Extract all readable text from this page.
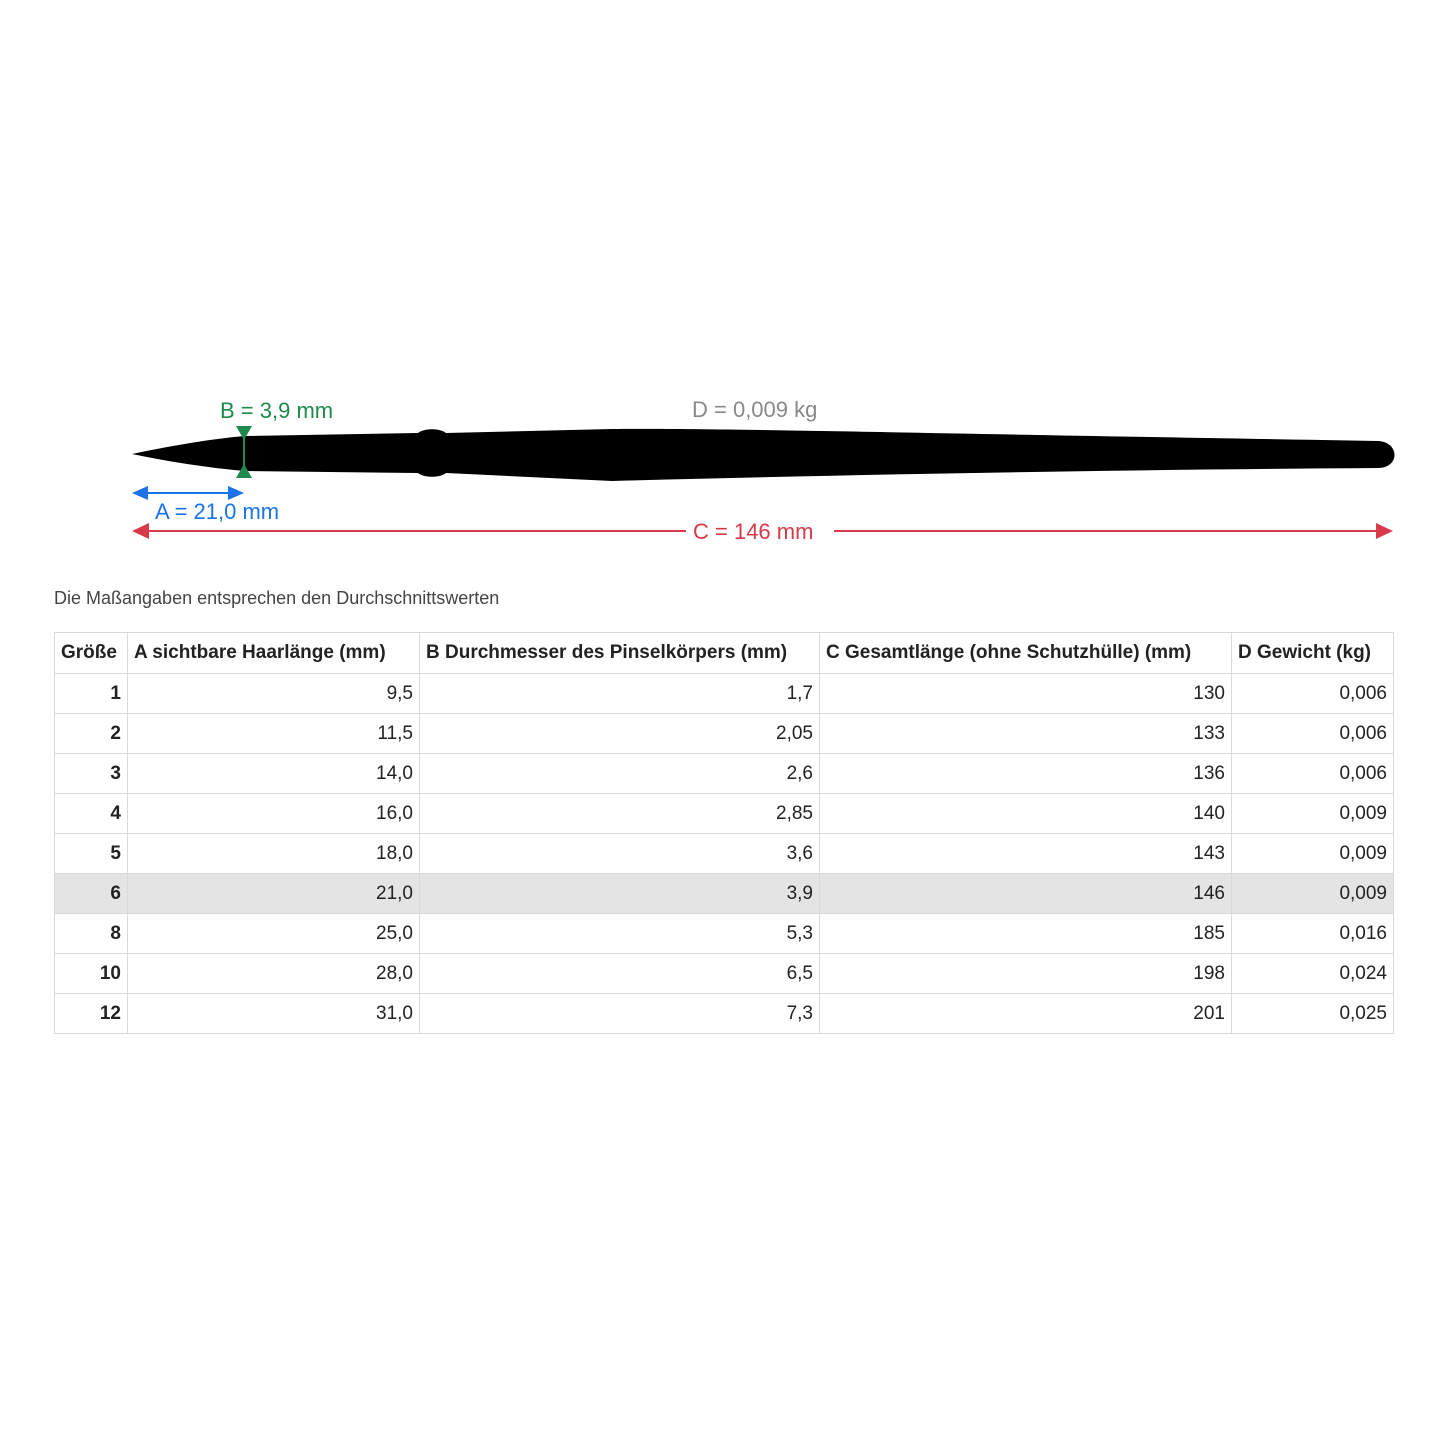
D = 0,009 kg
B = 3,9 mm
A = 21,0 mm
C = 146 mm
Die Maßangaben entsprechen den Durchschnittswerten
Größe	A sichtbare Haarlänge (mm)	B Durchmesser des Pinselkörpers (mm)	C Gesamtlänge (ohne Schutzhülle) (mm)	D Gewicht (kg)
1	9,5	1,7	130	0,006
2	11,5	2,05	133	0,006
3	14,0	2,6	136	0,006
4	16,0	2,85	140	0,009
5	18,0	3,6	143	0,009
6	21,0	3,9	146	0,009
8	25,0	5,3	185	0,016
10	28,0	6,5	198	0,024
12	31,0	7,3	201	0,025
